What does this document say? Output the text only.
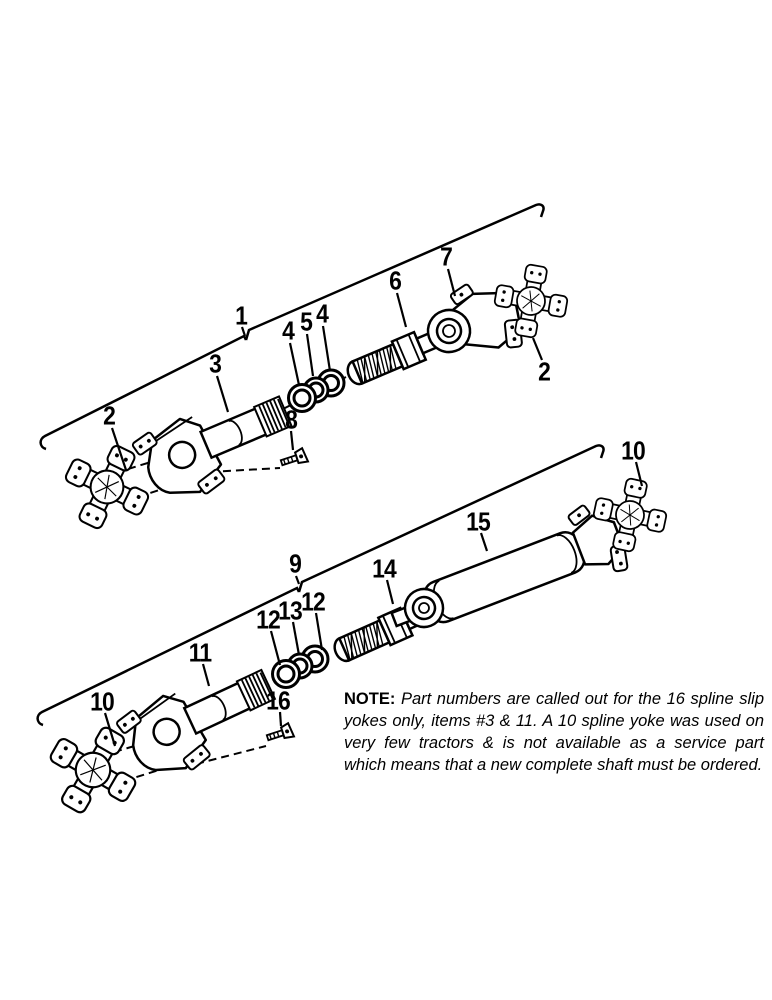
1
2
3
4 5 4
6
7
2
8
9
10
11
12
13 12
14
15
10
16	NOTE: Part numbers are called out for the 16 spline slip yokes only, items #3 & 11. A 10 spline yoke was used on very few tractors & is not available as a service part which means that a new complete shaft must be ordered.
